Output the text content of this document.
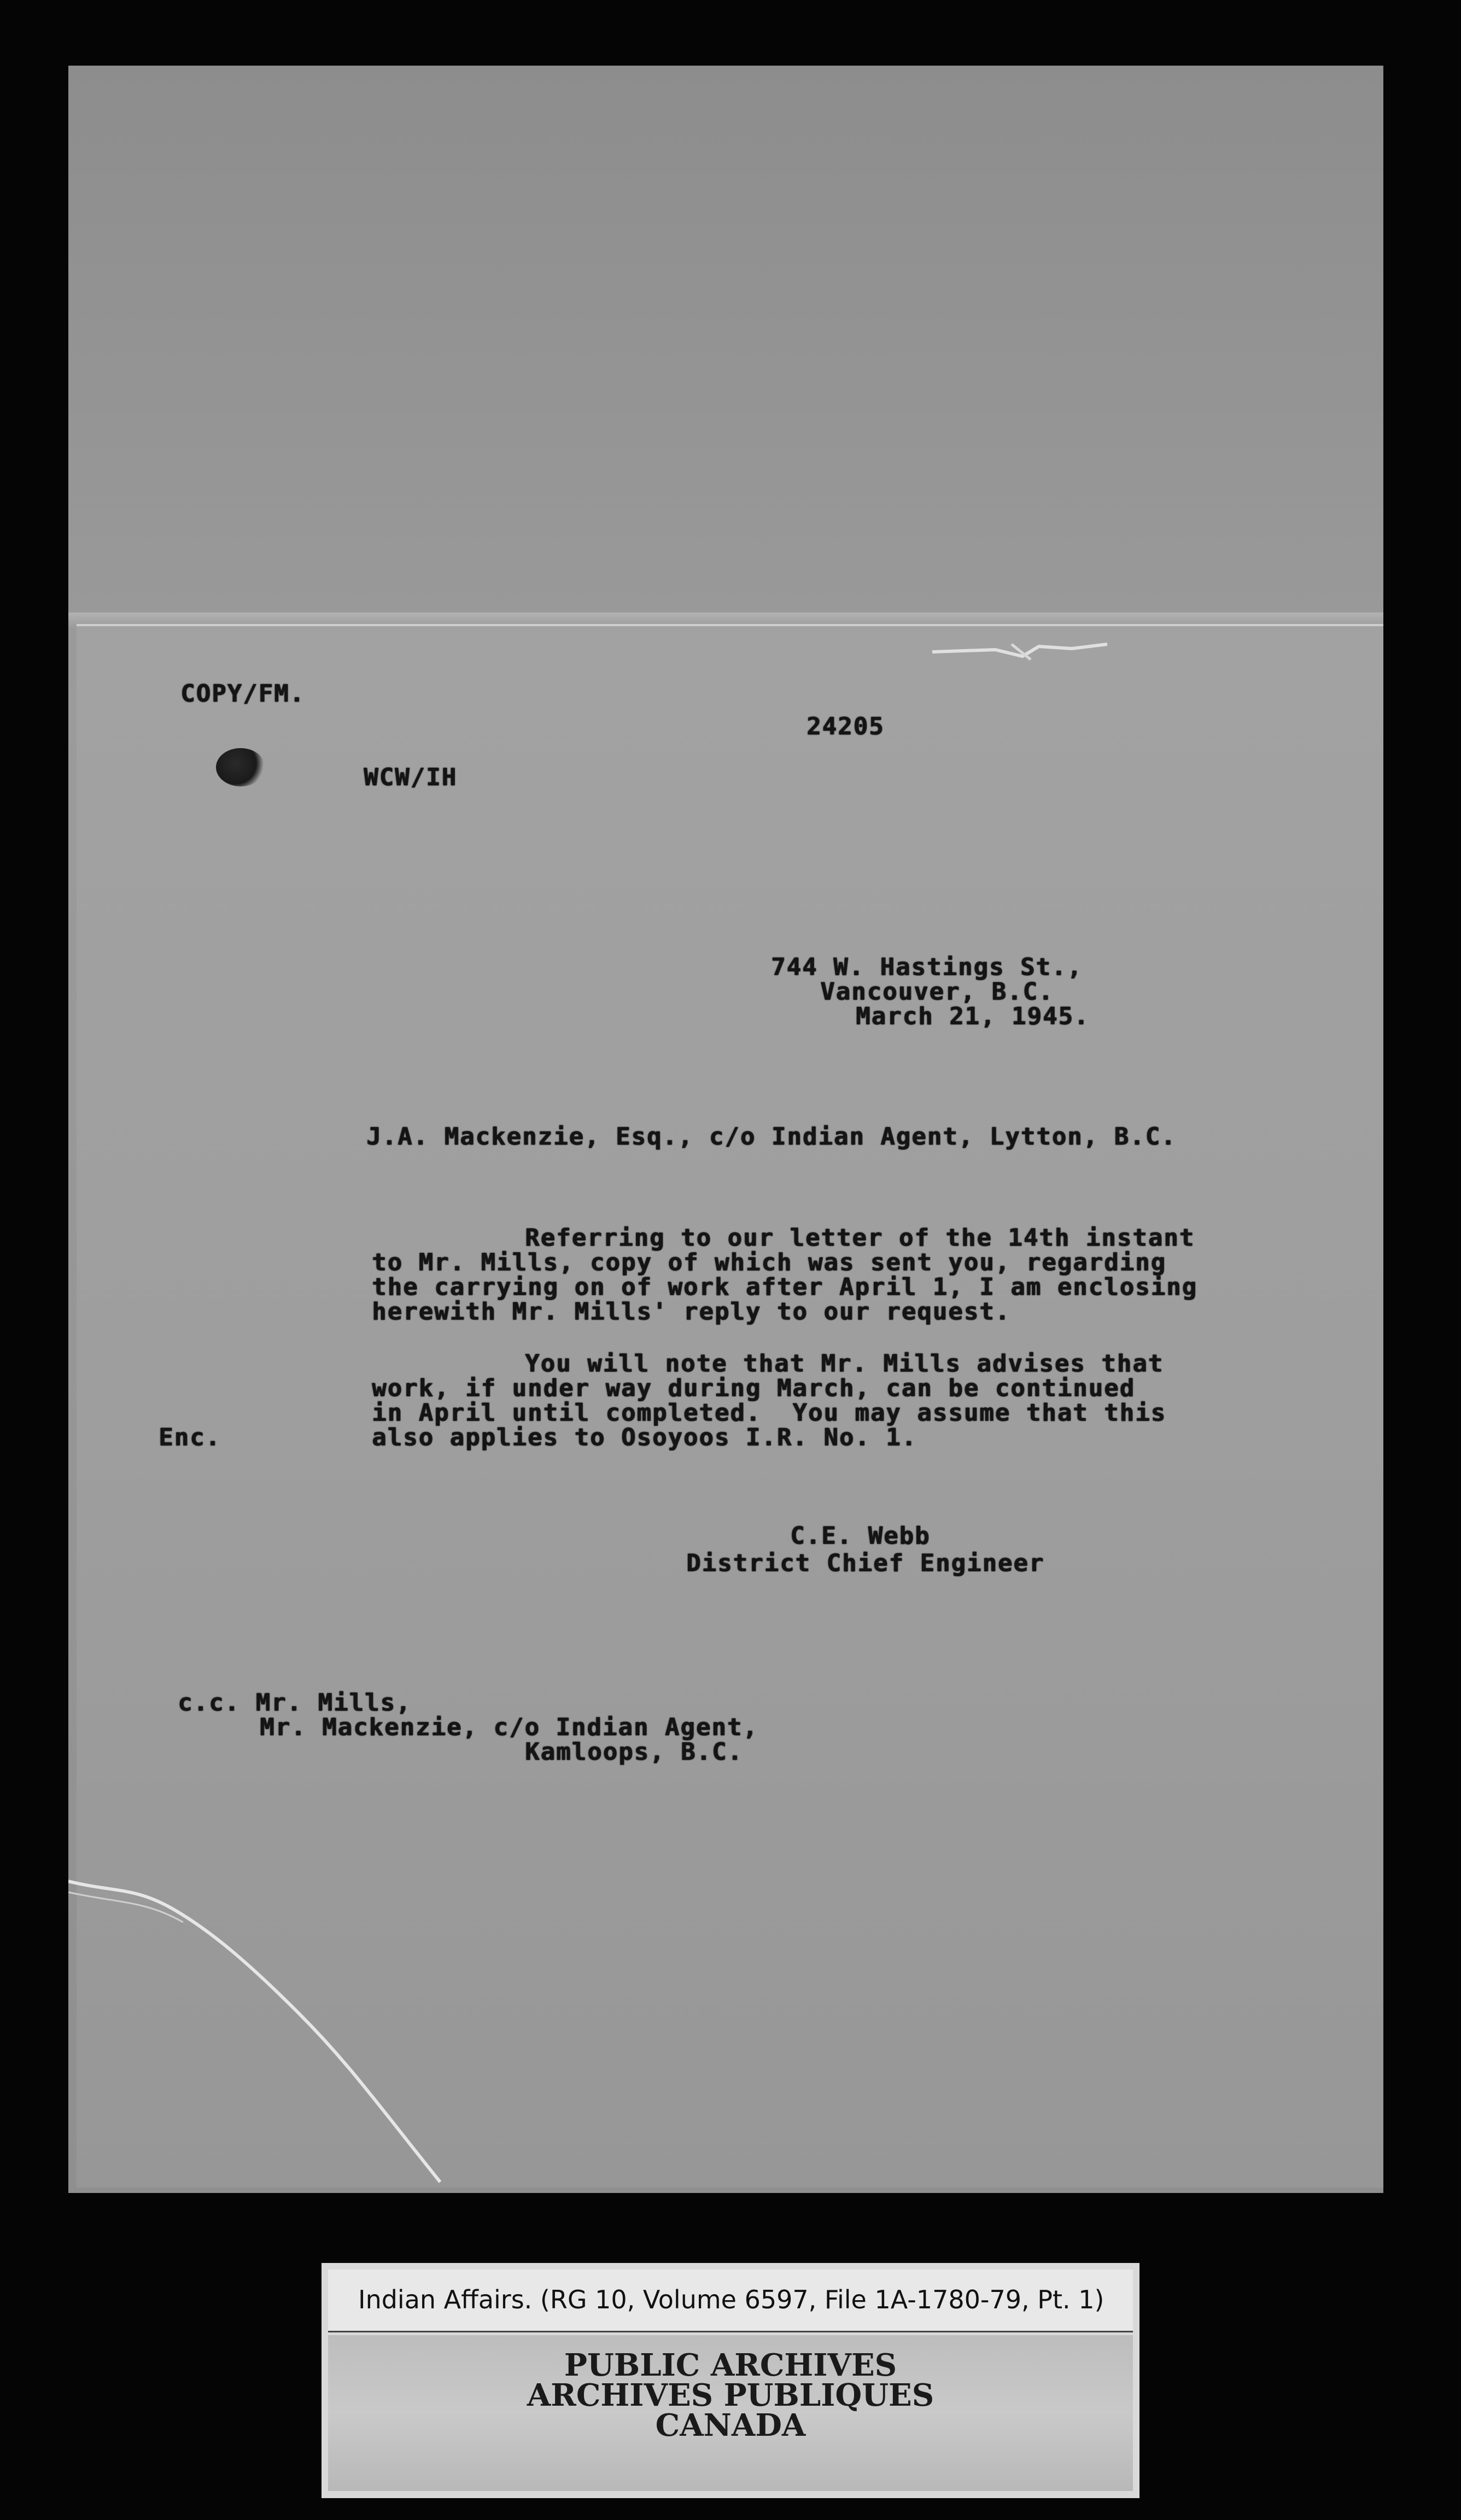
COPY/FM.
24205
WCW/IH
744 W. Hastings St.,
Vancouver, B.C.
March 21, 1945.
J.A. Mackenzie, Esq., c/o Indian Agent, Lytton, B.C.
Referring to our letter of the 14th instant
to Mr. Mills, copy of which was sent you, regarding
the carrying on of work after April 1, I am enclosing
herewith Mr. Mills' reply to our request.
You will note that Mr. Mills advises that
work, if under way during March, can be continued
in April until completed.  You may assume that this
also applies to Osoyoos I.R. No. 1.
Enc.
C.E. Webb
District Chief Engineer
c.c. Mr. Mills,
Mr. Mackenzie, c/o Indian Agent,
Kamloops, B.C.
Indian Affairs. (RG 10, Volume 6597, File 1A-1780-79, Pt. 1)
PUBLIC ARCHIVES
ARCHIVES PUBLIQUES
CANADA
